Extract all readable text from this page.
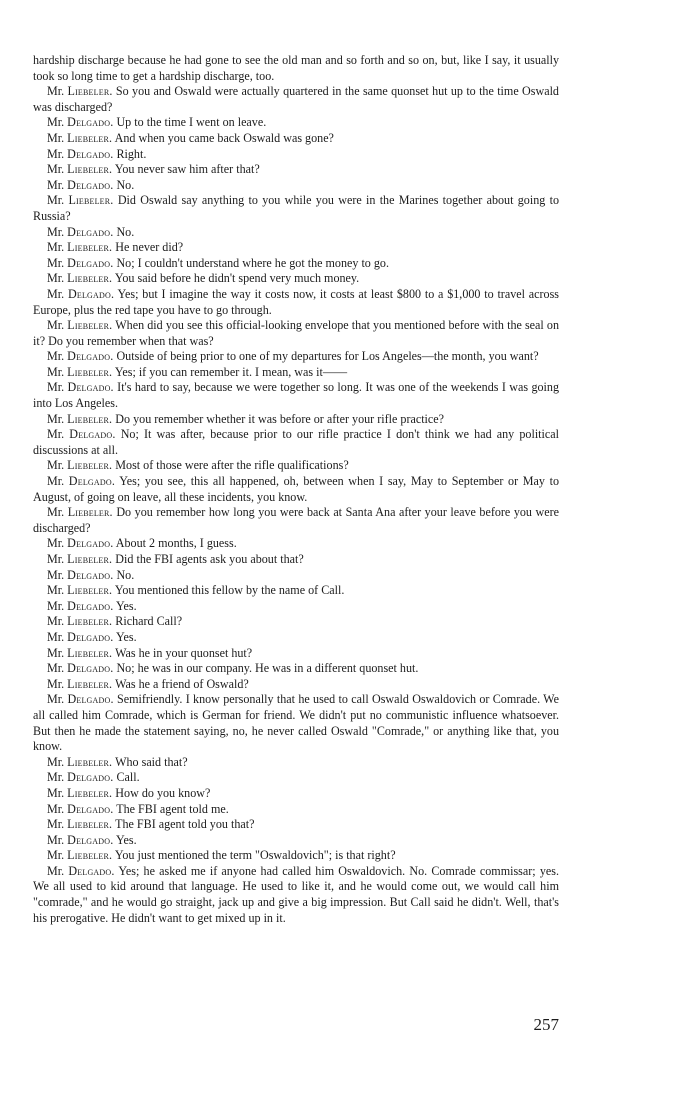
hardship discharge because he had gone to see the old man and so forth and so on, but, like I say, it usually took so long time to get a hardship discharge, too.

Mr. Liebeler. So you and Oswald were actually quartered in the same quonset hut up to the time Oswald was discharged?

Mr. Delgado. Up to the time I went on leave.

Mr. Liebeler. And when you came back Oswald was gone?

Mr. Delgado. Right.

Mr. Liebeler. You never saw him after that?

Mr. Delgado. No.

Mr. Liebeler. Did Oswald say anything to you while you were in the Marines together about going to Russia?

Mr. Delgado. No.

Mr. Liebeler. He never did?

Mr. Delgado. No; I couldn't understand where he got the money to go.

Mr. Liebeler. You said before he didn't spend very much money.

Mr. Delgado. Yes; but I imagine the way it costs now, it costs at least $800 to a $1,000 to travel across Europe, plus the red tape you have to go through.

Mr. Liebeler. When did you see this official-looking envelope that you mentioned before with the seal on it? Do you remember when that was?

Mr. Delgado. Outside of being prior to one of my departures for Los Angeles—the month, you want?

Mr. Liebeler. Yes; if you can remember it. I mean, was it——

Mr. Delgado. It's hard to say, because we were together so long. It was one of the weekends I was going into Los Angeles.

Mr. Liebeler. Do you remember whether it was before or after your rifle practice?

Mr. Delgado. No; It was after, because prior to our rifle practice I don't think we had any political discussions at all.

Mr. Liebeler. Most of those were after the rifle qualifications?

Mr. Delgado. Yes; you see, this all happened, oh, between when I say, May to September or May to August, of going on leave, all these incidents, you know.

Mr. Liebeler. Do you remember how long you were back at Santa Ana after your leave before you were discharged?

Mr. Delgado. About 2 months, I guess.

Mr. Liebeler. Did the FBI agents ask you about that?

Mr. Delgado. No.

Mr. Liebeler. You mentioned this fellow by the name of Call.

Mr. Delgado. Yes.

Mr. Liebeler. Richard Call?

Mr. Delgado. Yes.

Mr. Liebeler. Was he in your quonset hut?

Mr. Delgado. No; he was in our company. He was in a different quonset hut.

Mr. Liebeler. Was he a friend of Oswald?

Mr. Delgado. Semifriendly. I know personally that he used to call Oswald Oswaldovich or Comrade. We all called him Comrade, which is German for friend. We didn't put no communistic influence whatsoever. But then he made the statement saying, no, he never called Oswald "Comrade," or anything like that, you know.

Mr. Liebeler. Who said that?

Mr. Delgado. Call.

Mr. Liebeler. How do you know?

Mr. Delgado. The FBI agent told me.

Mr. Liebeler. The FBI agent told you that?

Mr. Delgado. Yes.

Mr. Liebeler. You just mentioned the term "Oswaldovich"; is that right?

Mr. Delgado. Yes; he asked me if anyone had called him Oswaldovich. No. Comrade commissar; yes. We all used to kid around that language. He used to like it, and he would come out, we would call him "comrade," and he would go straight, jack up and give a big impression. But Call said he didn't. Well, that's his prerogative. He didn't want to get mixed up in it.

257
